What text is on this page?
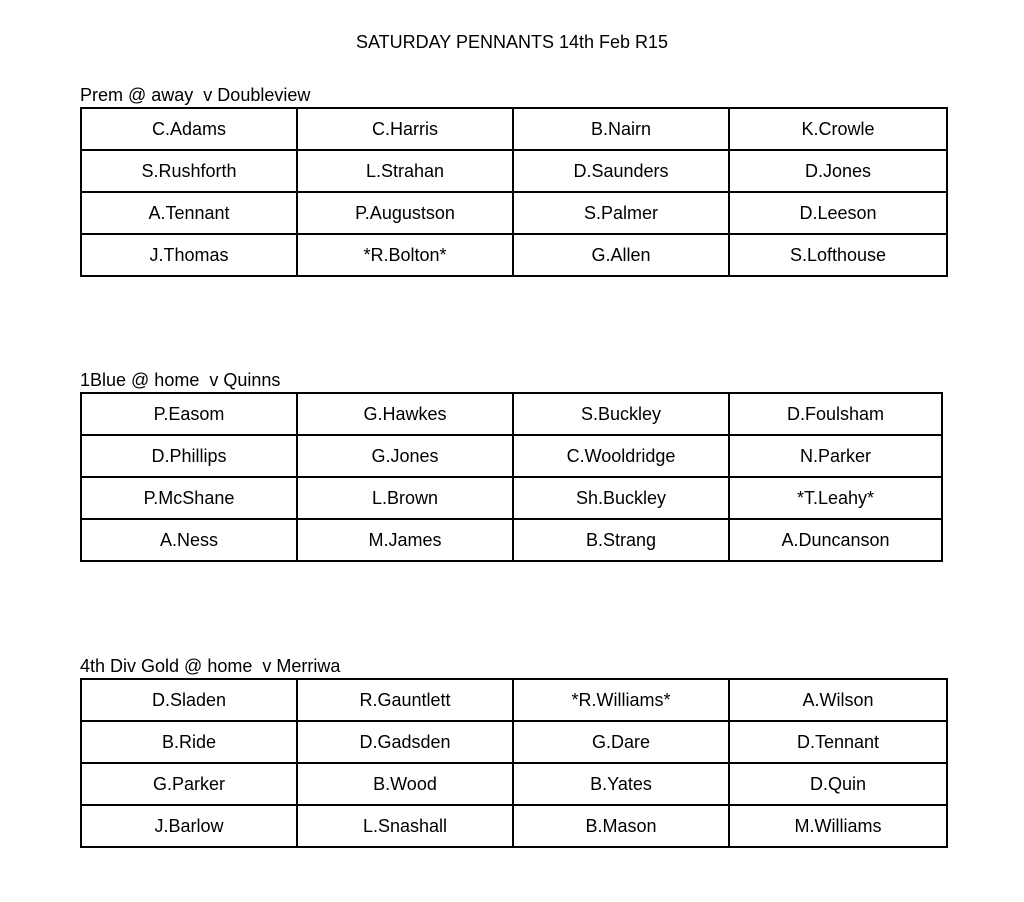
SATURDAY PENNANTS 14th Feb R15
Prem @ away  v Doubleview
C.Adams	C.Harris	B.Nairn	K.Crowle
S.Rushforth	L.Strahan	D.Saunders	D.Jones
A.Tennant	P.Augustson	S.Palmer	D.Leeson
J.Thomas	*R.Bolton*	G.Allen	S.Lofthouse
1Blue @ home  v Quinns
P.Easom	G.Hawkes	S.Buckley	D.Foulsham
D.Phillips	G.Jones	C.Wooldridge	N.Parker
P.McShane	L.Brown	Sh.Buckley	*T.Leahy*
A.Ness	M.James	B.Strang	A.Duncanson
4th Div Gold @ home  v Merriwa
D.Sladen	R.Gauntlett	*R.Williams*	A.Wilson
B.Ride	D.Gadsden	G.Dare	D.Tennant
G.Parker	B.Wood	B.Yates	D.Quin
J.Barlow	L.Snashall	B.Mason	M.Williams
